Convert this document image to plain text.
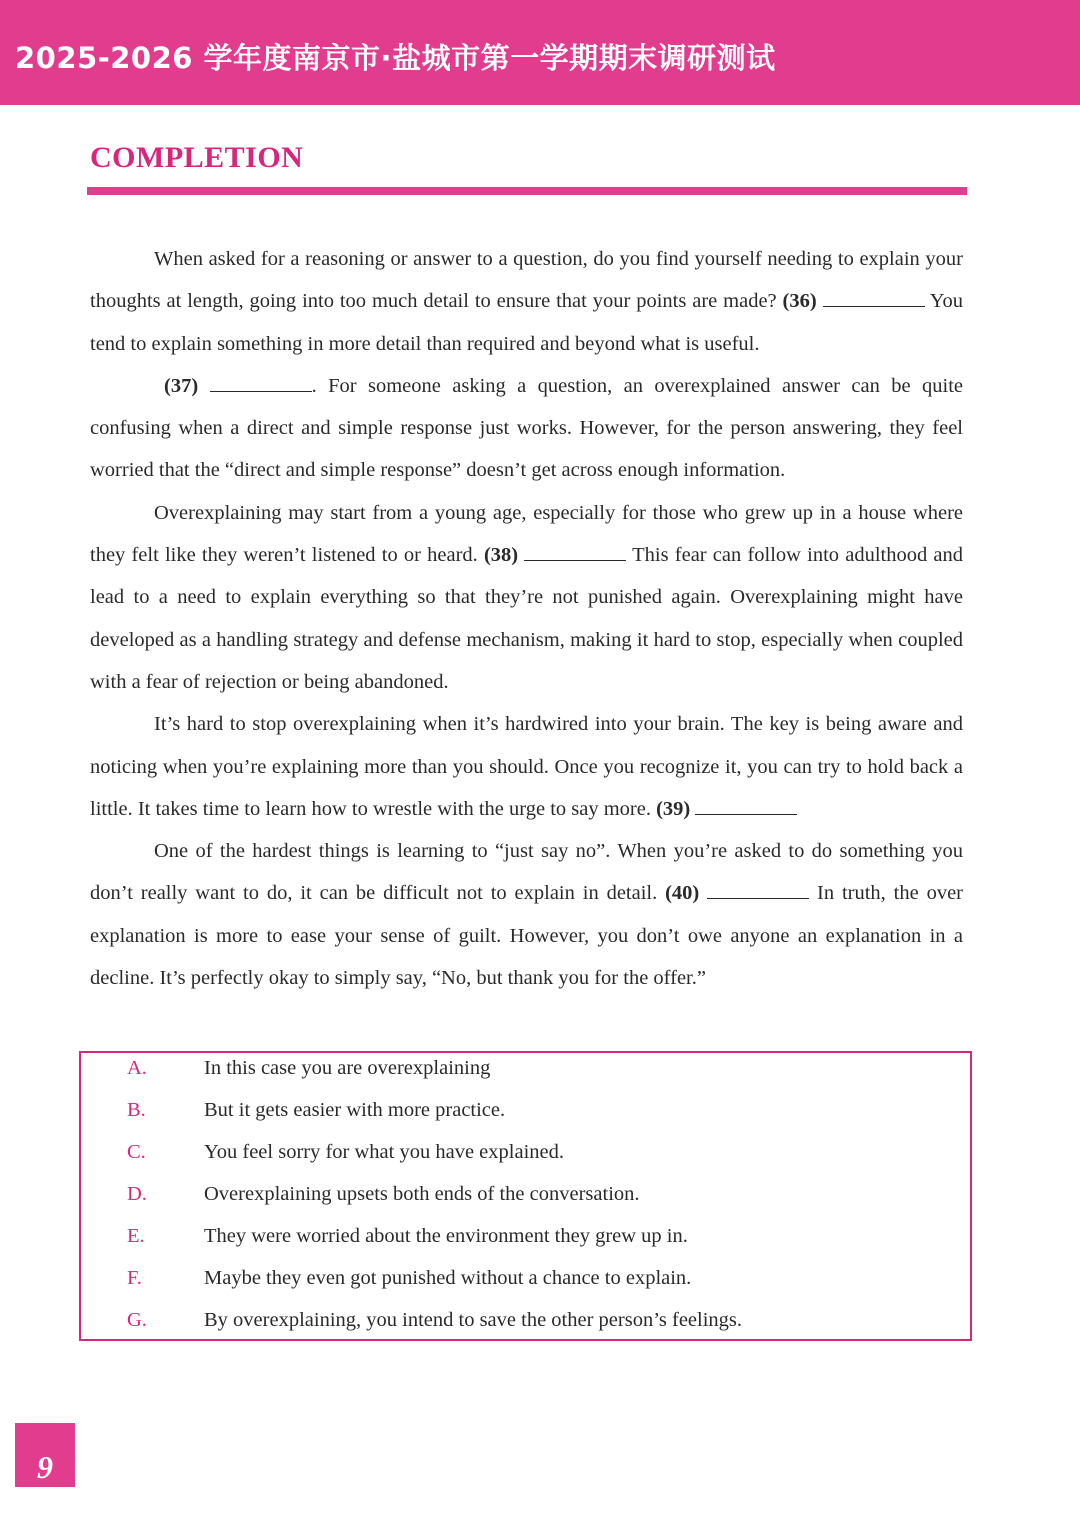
2025-2026 学年度南京市·盐城市第一学期期末调研测试
COMPLETION

When asked for a reasoning or answer to a question, do you find yourself needing to explain your thoughts at length, going into too much detail to ensure that your points are made? (36)	You tend to explain something in more detail than required and beyond what is useful.

(37)	. For someone asking a question, an overexplained answer can be quite confusing when a direct and simple response just works. However, for the person answering, they feel worried that the “direct and simple response” doesn’t get across enough information.

Overexplaining may start from a young age, especially for those who grew up in a house where they felt like they weren’t listened to or heard. (38)	This fear can follow into adulthood and lead to a need to explain everything so that they’re not punished again. Overexplaining might have developed as a handling strategy and defense mechanism, making it hard to stop, especially when coupled with a fear of rejection or being abandoned.

It’s hard to stop overexplaining when it’s hardwired into your brain. The key is being aware and noticing when you’re explaining more than you should. Once you recognize it, you can try to hold back a little. It takes time to learn how to wrestle with the urge to say more. (39)

One of the hardest things is learning to “just say no”. When you’re asked to do something you don’t really want to do, it can be difficult not to explain in detail. (40)	In truth, the over explanation is more to ease your sense of guilt. However, you don’t owe anyone an explanation in a decline. It’s perfectly okay to simply say, “No, but thank you for the offer.”

A.	In this case you are overexplaining
B.	But it gets easier with more practice.
C.	You feel sorry for what you have explained.
D.	Overexplaining upsets both ends of the conversation.
E.	They were worried about the environment they grew up in.
F.	Maybe they even got punished without a chance to explain.
G.	By overexplaining, you intend to save the other person’s feelings.
9
